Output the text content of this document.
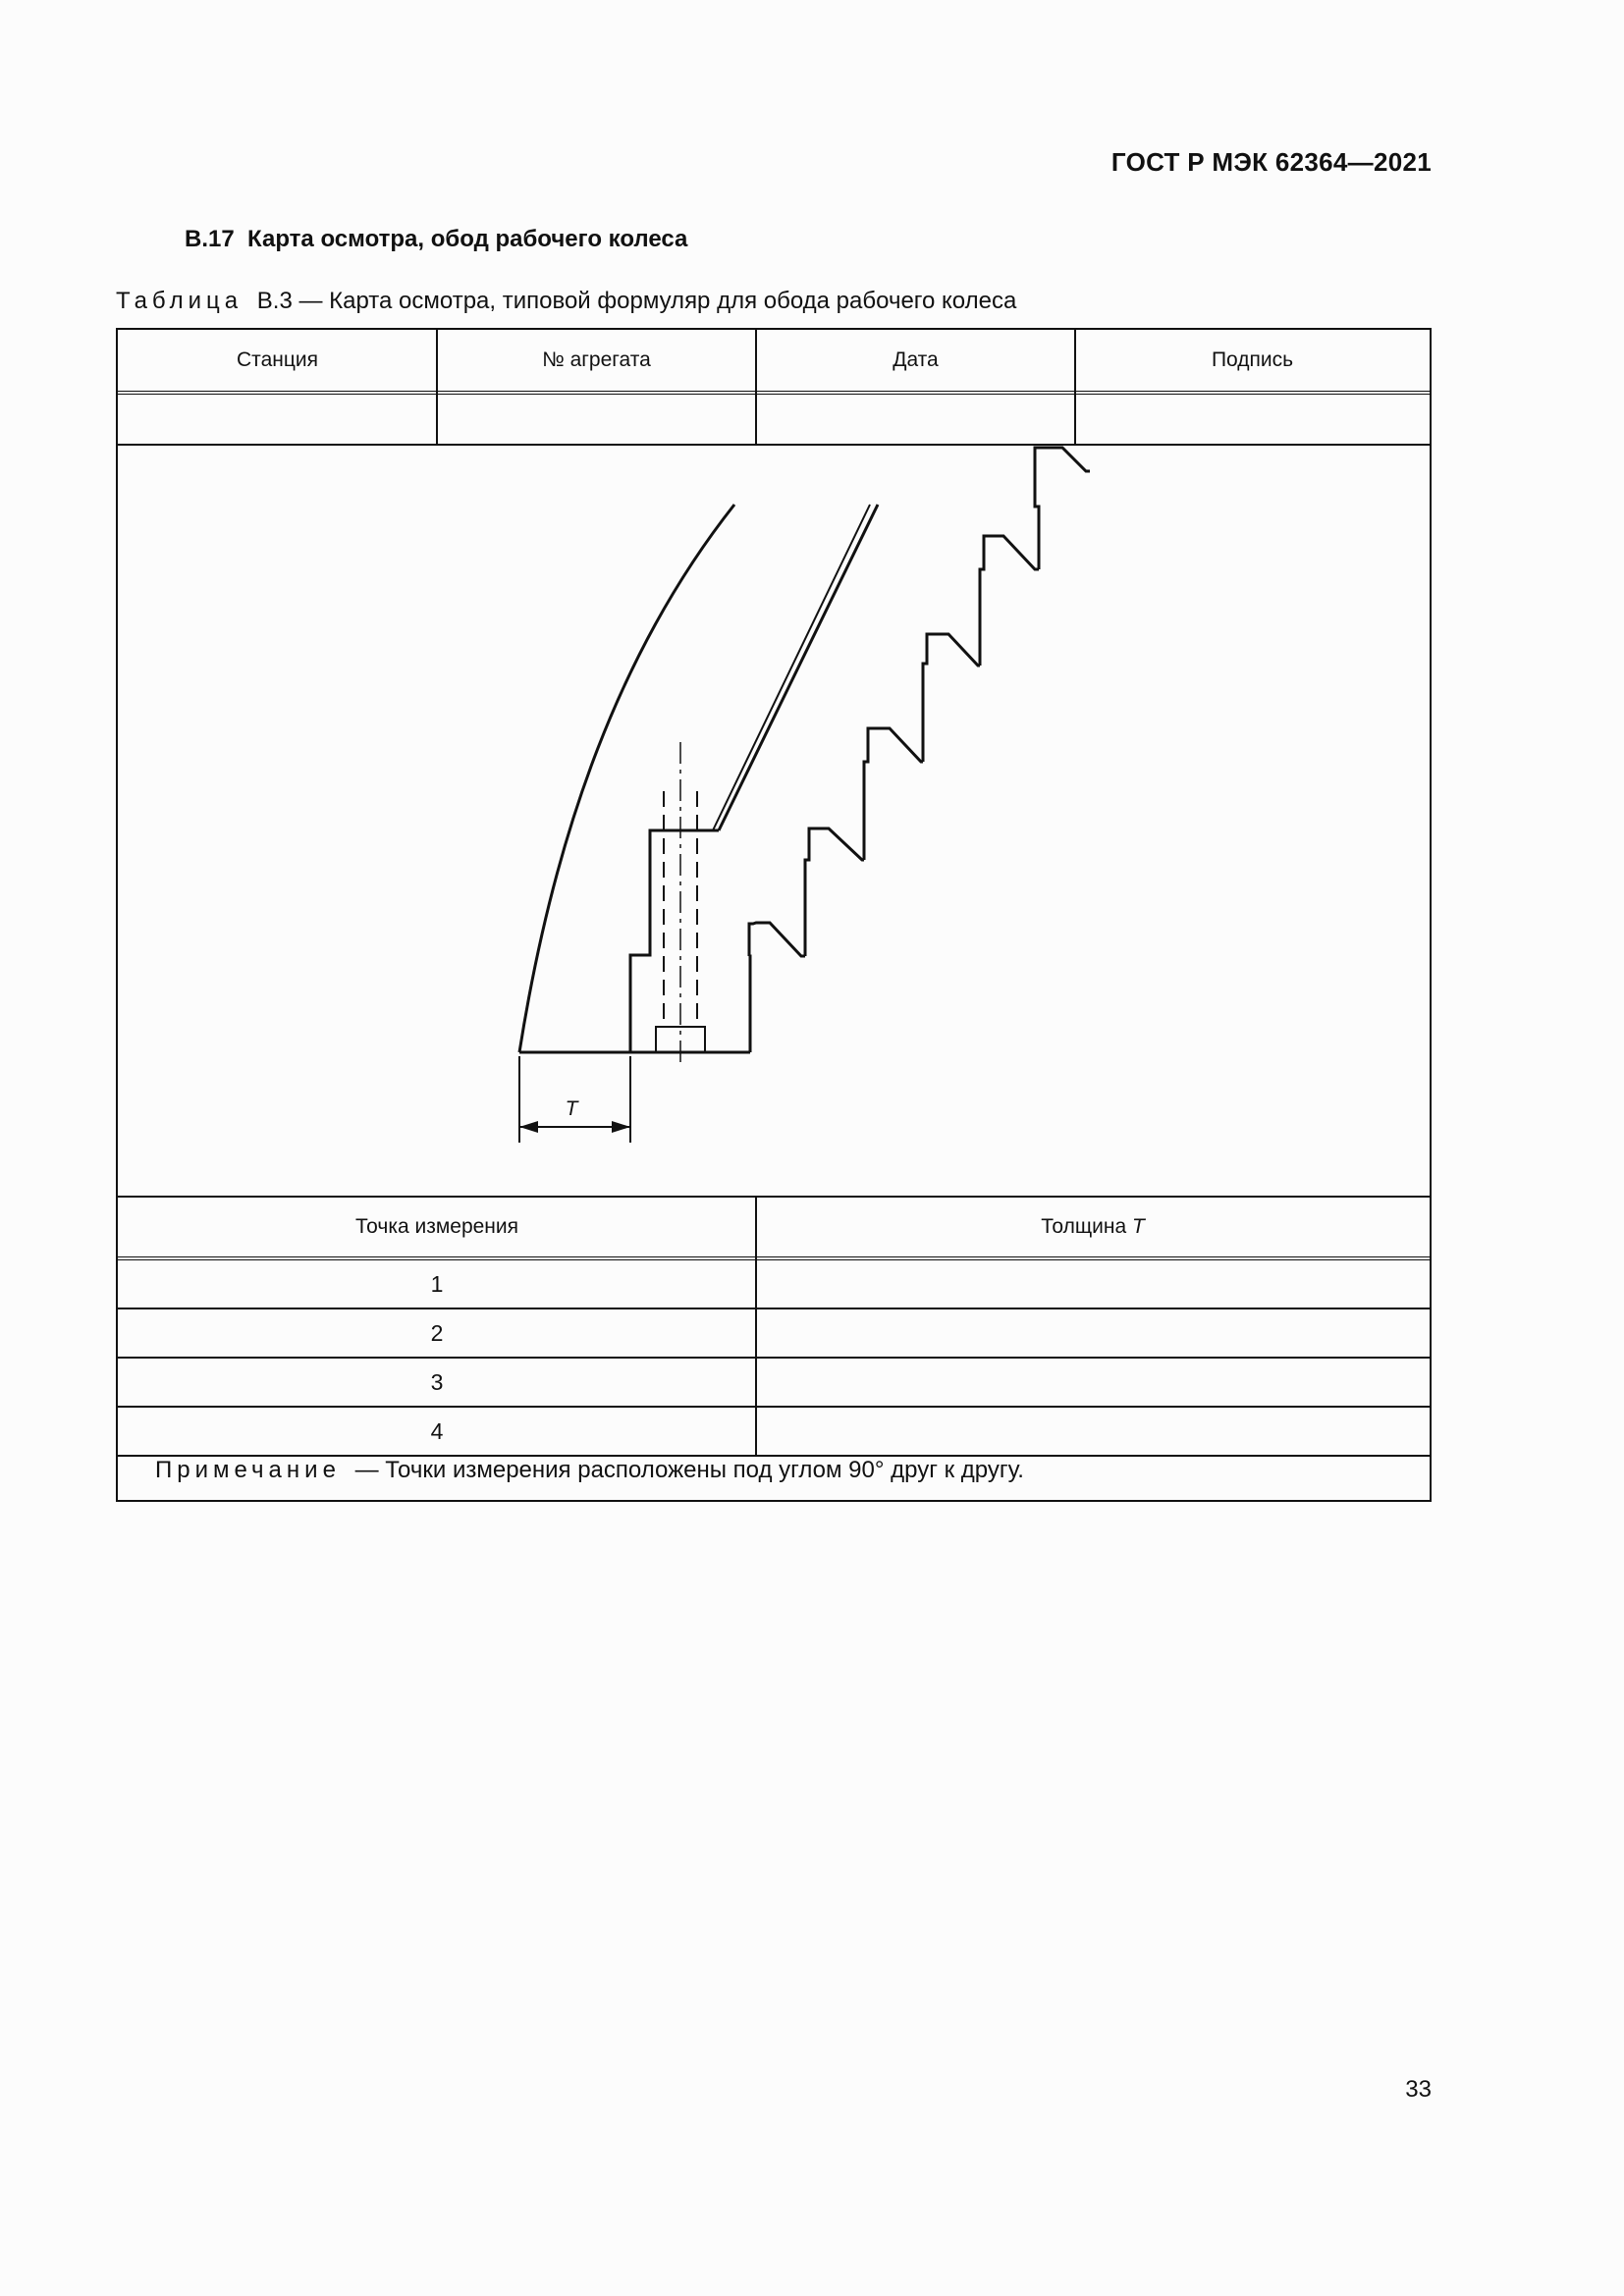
ГОСТ Р МЭК 62364—2021
B.17 Карта осмотра, обод рабочего колеса
Таблица B.3 — Карта осмотра, типовой формуляр для обода рабочего колеса
Станция	№ агрегата	Дата	Подпись
T
Точка измерения	Толщина
T
1
2
3
4
Примечание — Точки измерения расположены под углом 90° друг к другу.
33
